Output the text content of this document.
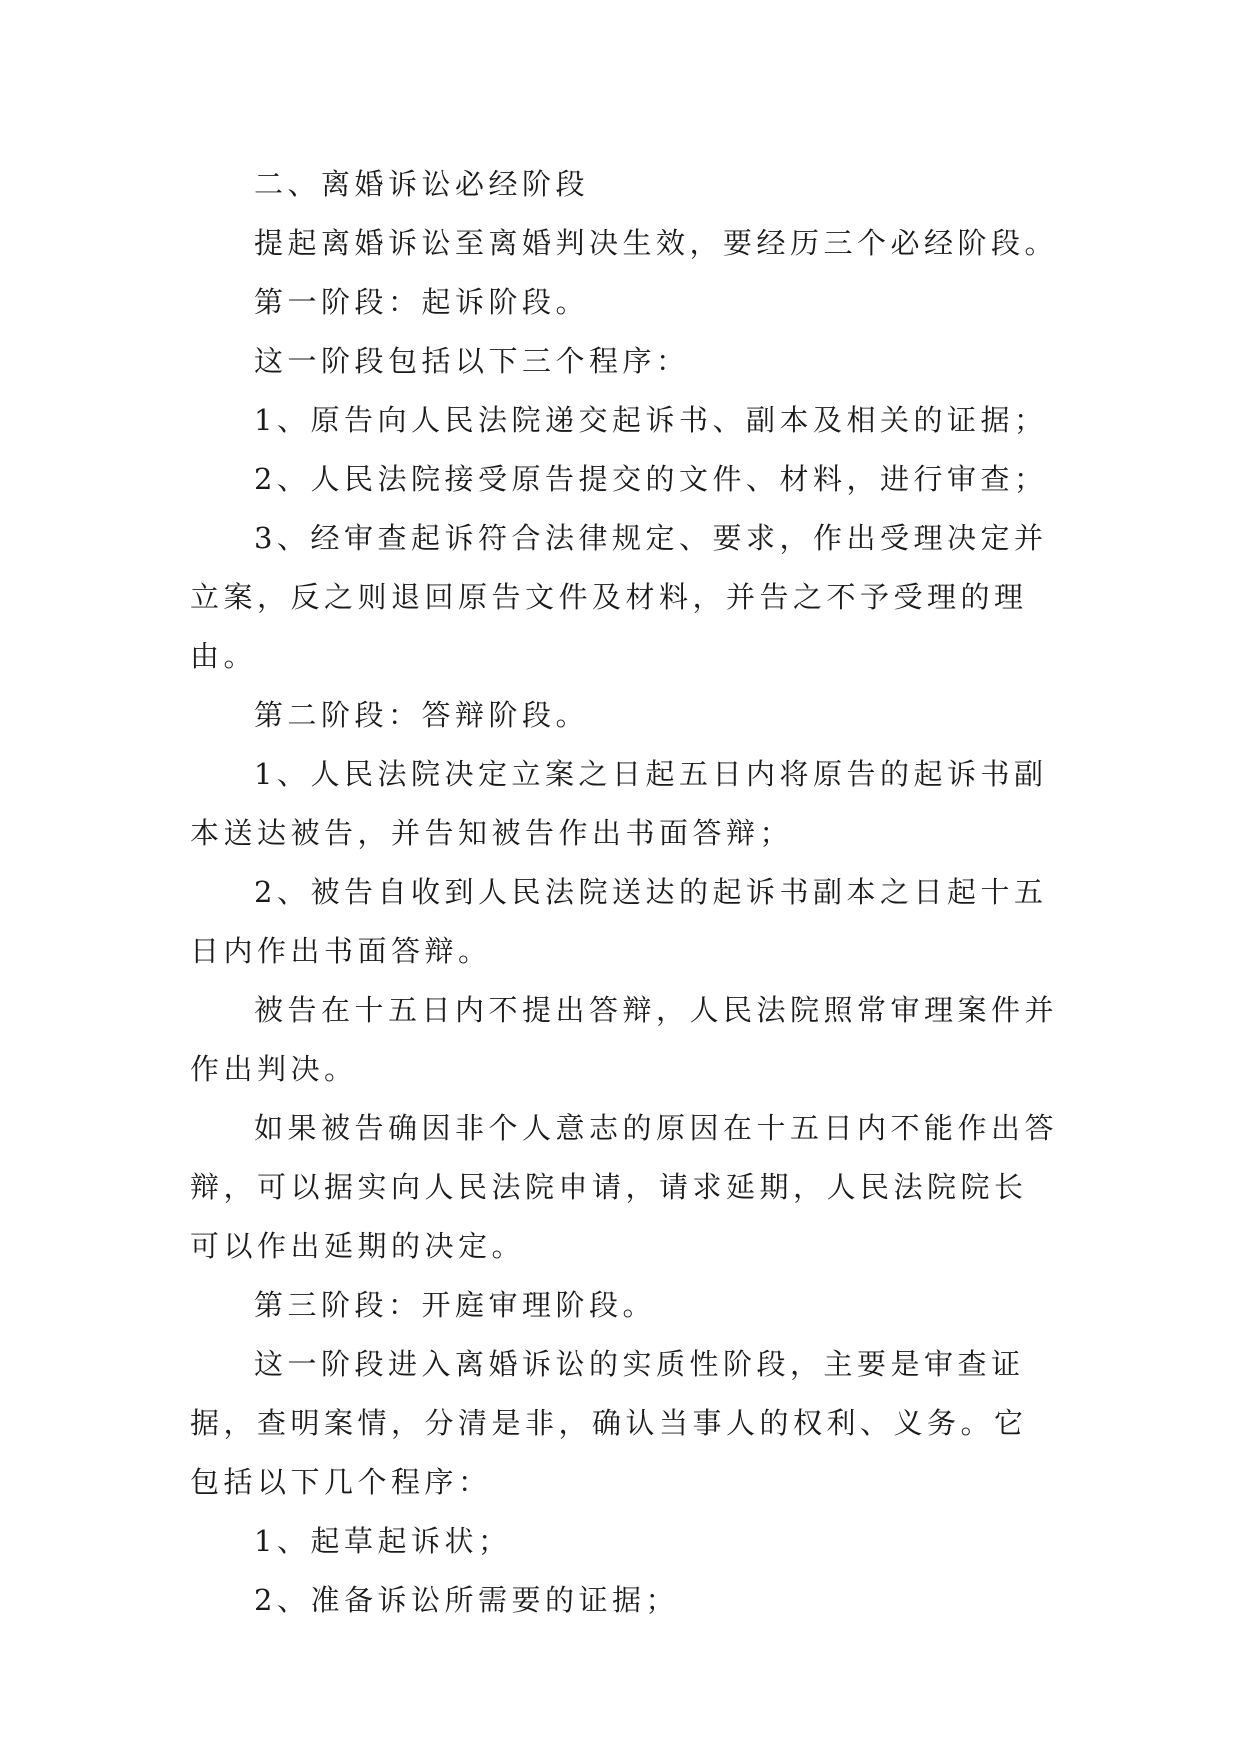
二、离婚诉讼必经阶段

提起离婚诉讼至离婚判决生效，要经历三个必经阶段。

第一阶段：起诉阶段。

这一阶段包括以下三个程序：

1、原告向人民法院递交起诉书、副本及相关的证据；

2、人民法院接受原告提交的文件、材料，进行审查；

3、经审查起诉符合法律规定、要求，作出受理决定并立案，反之则退回原告文件及材料，并告之不予受理的理由。

第二阶段：答辩阶段。

1、人民法院决定立案之日起五日内将原告的起诉书副本送达被告，并告知被告作出书面答辩；

2、被告自收到人民法院送达的起诉书副本之日起十五日内作出书面答辩。

被告在十五日内不提出答辩，人民法院照常审理案件并作出判决。

如果被告确因非个人意志的原因在十五日内不能作出答辩，可以据实向人民法院申请，请求延期，人民法院院长可以作出延期的决定。

第三阶段：开庭审理阶段。

这一阶段进入离婚诉讼的实质性阶段，主要是审查证据，查明案情，分清是非，确认当事人的权利、义务。它包括以下几个程序：

1、起草起诉状；

2、准备诉讼所需要的证据；
